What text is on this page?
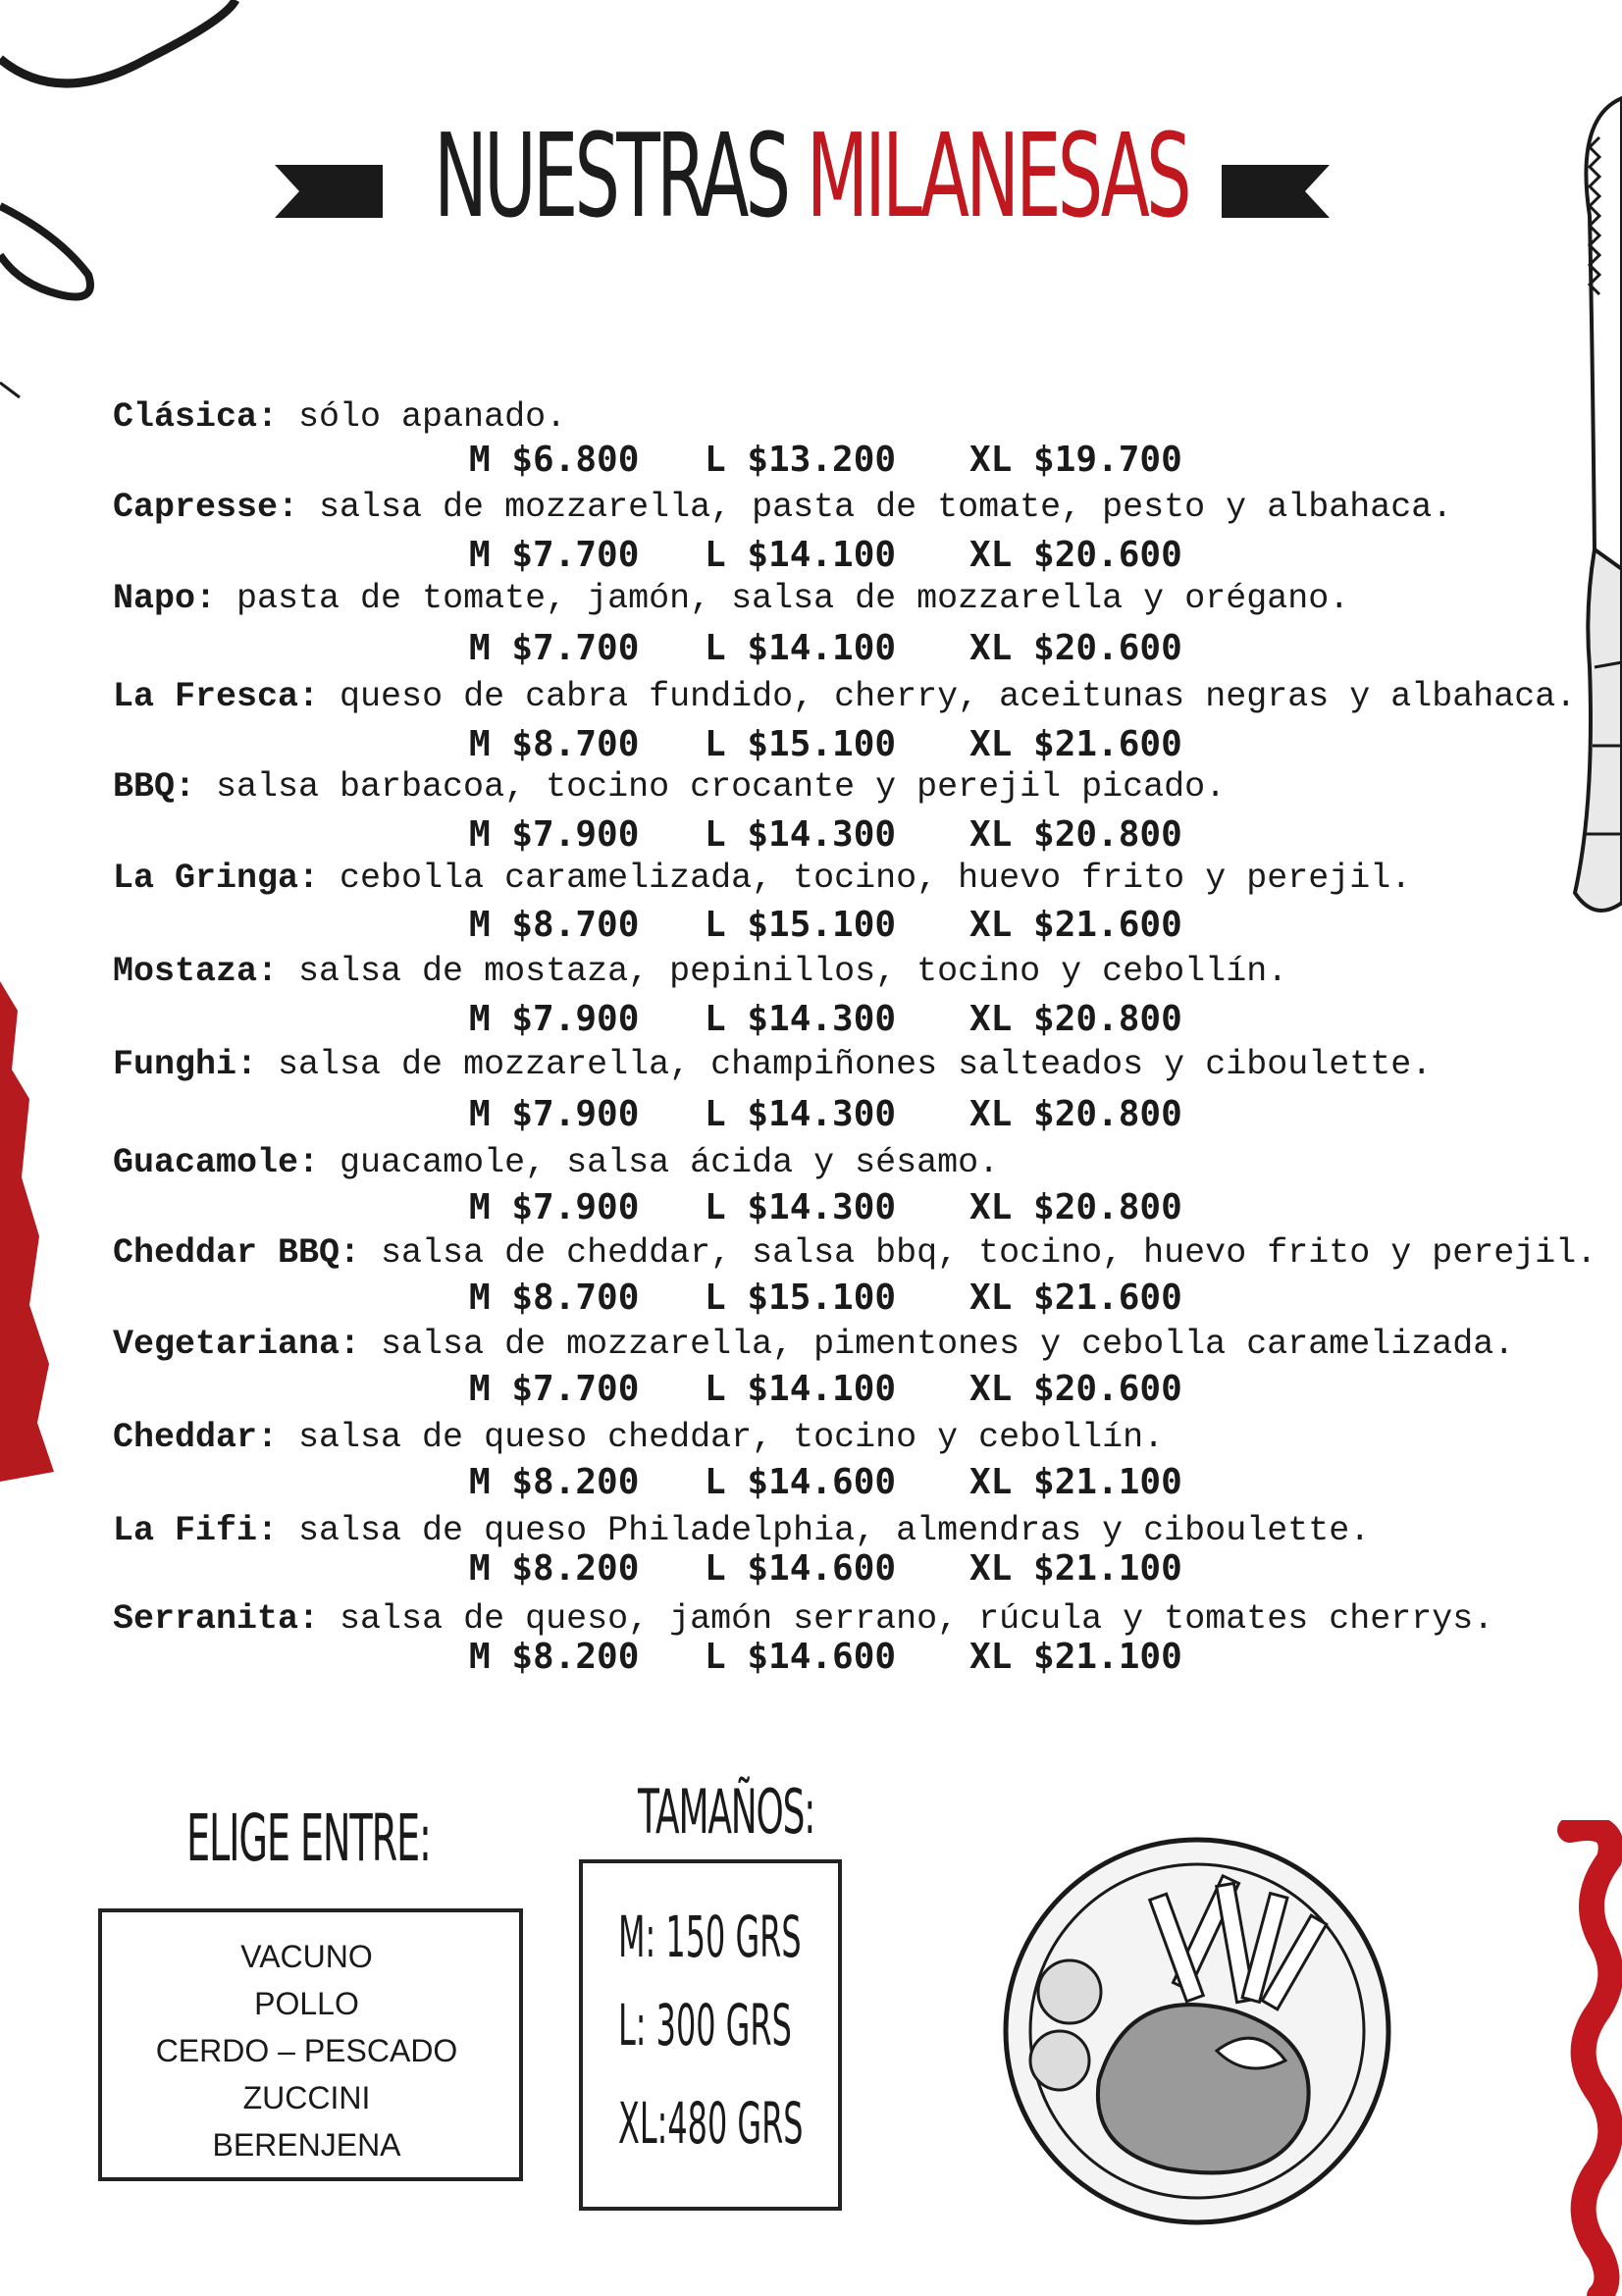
NUESTRAS MILANESAS
Clásica: sólo apanado.
M $6.800 L $13.200 XL $19.700
Capresse: salsa de mozzarella, pasta de tomate, pesto y albahaca.
M $7.700 L $14.100 XL $20.600
Napo: pasta de tomate, jamón, salsa de mozzarella y orégano.
M $7.700 L $14.100 XL $20.600
La Fresca: queso de cabra fundido, cherry, aceitunas negras y albahaca.
M $8.700 L $15.100 XL $21.600
BBQ: salsa barbacoa, tocino crocante y perejil picado.
M $7.900 L $14.300 XL $20.800
La Gringa: cebolla caramelizada, tocino, huevo frito y perejil.
M $8.700 L $15.100 XL $21.600
Mostaza: salsa de mostaza, pepinillos, tocino y cebollín.
M $7.900 L $14.300 XL $20.800
Funghi: salsa de mozzarella, champiñones salteados y ciboulette.
M $7.900 L $14.300 XL $20.800
Guacamole: guacamole, salsa ácida y sésamo.
M $7.900 L $14.300 XL $20.800
Cheddar BBQ: salsa de cheddar, salsa bbq, tocino, huevo frito y perejil.
M $8.700 L $15.100 XL $21.600
Vegetariana: salsa de mozzarella, pimentones y cebolla caramelizada.
M $7.700 L $14.100 XL $20.600
Cheddar: salsa de queso cheddar, tocino y cebollín.
M $8.200 L $14.600 XL $21.100
La Fifi: salsa de queso Philadelphia, almendras y ciboulette.
M $8.200 L $14.600 XL $21.100
Serranita: salsa de queso, jamón serrano, rúcula y tomates cherrys.
M $8.200 L $14.600 XL $21.100
ELIGE ENTRE:
VACUNO
POLLO
CERDO – PESCADO
ZUCCINI
BERENJENA
TAMAÑOS:
M: 150 GRS
L: 300 GRS
XL:480 GRS
